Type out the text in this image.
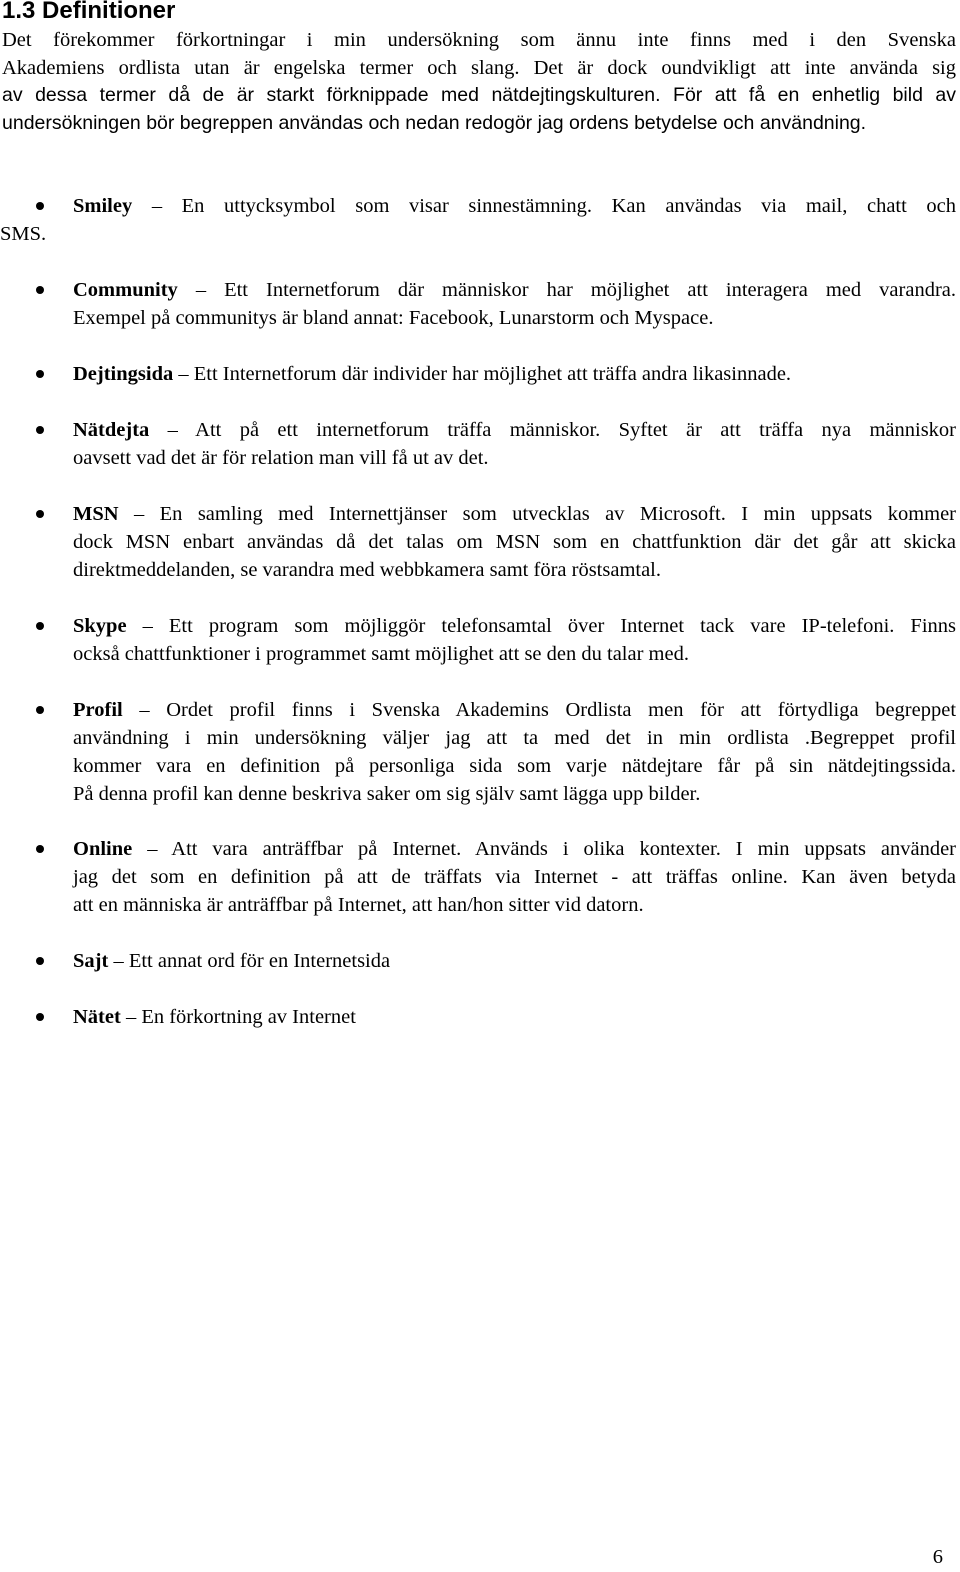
1.3 Definitioner

Det förekommer förkortningar i min undersökning som ännu inte finns med i den Svenska
Akademiens ordlista utan är engelska termer och slang. Det är dock oundvikligt att inte använda sig
av dessa termer då de är starkt förknippade med nätdejtingskulturen. För att få en enhetlig bild av
undersökningen bör begreppen användas och nedan redogör jag ordens betydelse och användning.

Smiley – En uttycksymbol som visar sinnestämning. Kan användas via mail, chatt och
SMS.
Community – Ett Internetforum där människor har möjlighet att interagera med varandra.
Exempel på communitys är bland annat: Facebook, Lunarstorm och Myspace.
Dejtingsida – Ett Internetforum där individer har möjlighet att träffa andra likasinnade.
Nätdejta – Att på ett internetforum träffa människor. Syftet är att träffa nya människor
oavsett vad det är för relation man vill få ut av det.
MSN – En samling med Internettjänser som utvecklas av Microsoft. I min uppsats kommer
dock MSN enbart användas då det talas om MSN som en chattfunktion där det går att skicka
direktmeddelanden, se varandra med webbkamera samt föra röstsamtal.
Skype – Ett program som möjliggör telefonsamtal över Internet tack vare IP-telefoni. Finns
också chattfunktioner i programmet samt möjlighet att se den du talar med.
Profil – Ordet profil finns i Svenska Akademins Ordlista men för att förtydliga begreppet
användning i min undersökning väljer jag att ta med det in min ordlista .Begreppet profil
kommer vara en definition på personliga sida som varje nätdejtare får på sin nätdejtingssida.
På denna profil kan denne beskriva saker om sig själv samt lägga upp bilder.
Online – Att vara anträffbar på Internet. Används i olika kontexter. I min uppsats använder
jag det som en definition på att de träffats via Internet - att träffas online. Kan även betyda
att en människa är anträffbar på Internet, att han/hon sitter vid datorn.
Sajt – Ett annat ord för en Internetsida
Nätet – En förkortning av Internet
6
